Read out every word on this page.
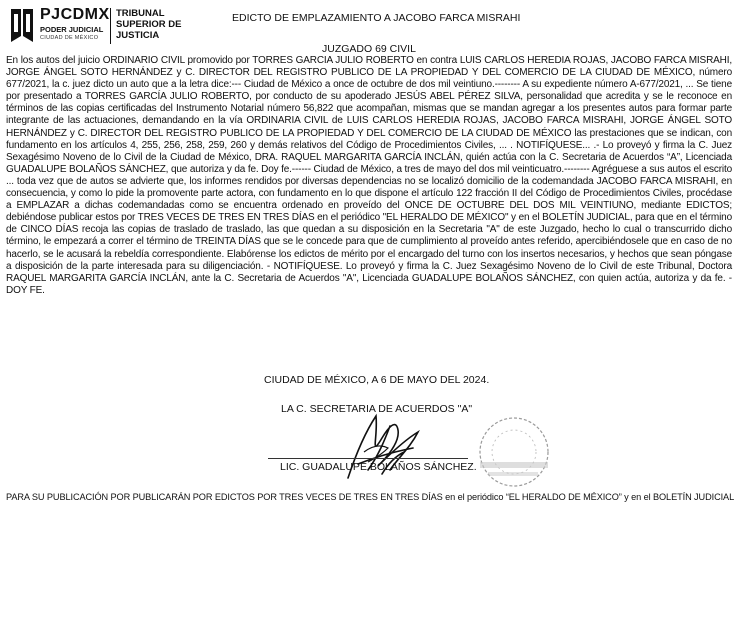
PJCDMX
PODER JUDICIAL
CIUDAD DE MÉXICO
TRIBUNAL
SUPERIOR DE
JUSTICIA
EDICTO DE EMPLAZAMIENTO A JACOBO FARCA MISRAHI
JUZGADO 69 CIVIL
En los autos del juicio ORDINARIO CIVIL promovido por TORRES GARCIA JULIO ROBERTO en contra LUIS CARLOS HEREDIA ROJAS, JACOBO FARCA MISRAHI, JORGE ÁNGEL SOTO HERNÁNDEZ y C. DIRECTOR DEL REGISTRO PUBLICO DE LA PROPIEDAD Y DEL COMERCIO DE LA CIUDAD DE MÉXICO, número 677/2021, la c. juez dicto un auto que a la letra dice:--- Ciudad de México a once de octubre de dos mil veintiuno.-------- A su expediente número A-677/2021, ... Se tiene por presentado a TORRES GARCÍA JULIO ROBERTO, por conducto de su apoderado JESÚS ABEL PÉREZ SILVA, personalidad que acredita y se le reconoce en términos de las copias certificadas del Instrumento Notarial número 56,822 que acompañan, mismas que se mandan agregar a los presentes autos para formar parte integrante de las actuaciones, demandando en la vía ORDINARIA CIVIL de LUIS CARLOS HEREDIA ROJAS, JACOBO FARCA MISRAHI, JORGE ÁNGEL SOTO HERNÁNDEZ y C. DIRECTOR DEL REGISTRO PUBLICO DE LA PROPIEDAD Y DEL COMERCIO DE LA CIUDAD DE MÉXICO las prestaciones que se indican, con fundamento en los artículos 4, 255, 256, 258, 259, 260 y demás relativos del Código de Procedimientos Civiles, ... . NOTIFÍQUESE... .- Lo proveyó y firma la C. Juez Sexagésimo Noveno de lo Civil de la Ciudad de México, DRA. RAQUEL MARGARITA GARCÍA INCLÁN, quién actúa con la C. Secretaria de Acuerdos “A”, Licenciada GUADALUPE BOLAÑOS SÁNCHEZ, que autoriza y da fe. Doy fe.------ Ciudad de México, a tres de mayo del dos mil veinticuatro.-------- Agréguese a sus autos el escrito ... toda vez que de autos se advierte que, los informes rendidos por diversas dependencias no se localizó domicilio de la codemandada JACOBO FARCA MISRAHI, en consecuencia, y como lo pide la promovente parte actora, con fundamento en lo que dispone el artículo 122 fracción II del Código de Procedimientos Civiles, procédase a EMPLAZAR a dichas codemandadas como se encuentra ordenado en proveído del ONCE DE OCTUBRE DEL DOS MIL VEINTIUNO, mediante EDICTOS; debiéndose publicar estos por TRES VECES DE TRES EN TRES DÍAS en el periódico "EL HERALDO DE MÉXICO" y en el BOLETÍN JUDICIAL, para que en el término de CINCO DÍAS recoja las copias de traslado de traslado, las que quedan a su disposición en la Secretaria "A" de este Juzgado, hecho lo cual o transcurrido dicho término, le empezará a correr el término de TREINTA DÍAS que se le concede para que de cumplimiento al proveído antes referido, apercibiéndosele que en caso de no hacerlo, se le acusará la rebeldía correspondiente. Elabórense los edictos de mérito por el encargado del turno con los insertos necesarios, y hechos que sean póngase a disposición de la parte interesada para su diligenciación. - NOTIFÍQUESE. Lo proveyó y firma la C. Juez Sexagésimo Noveno de lo Civil de este Tribunal, Doctora RAQUEL MARGARITA GARCÍA INCLÁN, ante la C. Secretaria de Acuerdos "A", Licenciada GUADALUPE BOLAÑOS SÁNCHEZ, con quien actúa, autoriza y da fe. - DOY FE.
CIUDAD DE MÉXICO, A 6 DE MAYO DEL 2024.
LA C. SECRETARIA DE ACUERDOS "A"
LIC. GUADALUPE BOLAÑOS SÁNCHEZ.
PARA SU PUBLICACIÓN POR PUBLICARÁN POR EDICTOS POR TRES VECES DE TRES EN TRES DÍAS en el periódico “EL HERALDO DE MÉXICO” y en el BOLETÍN JUDICIAL
